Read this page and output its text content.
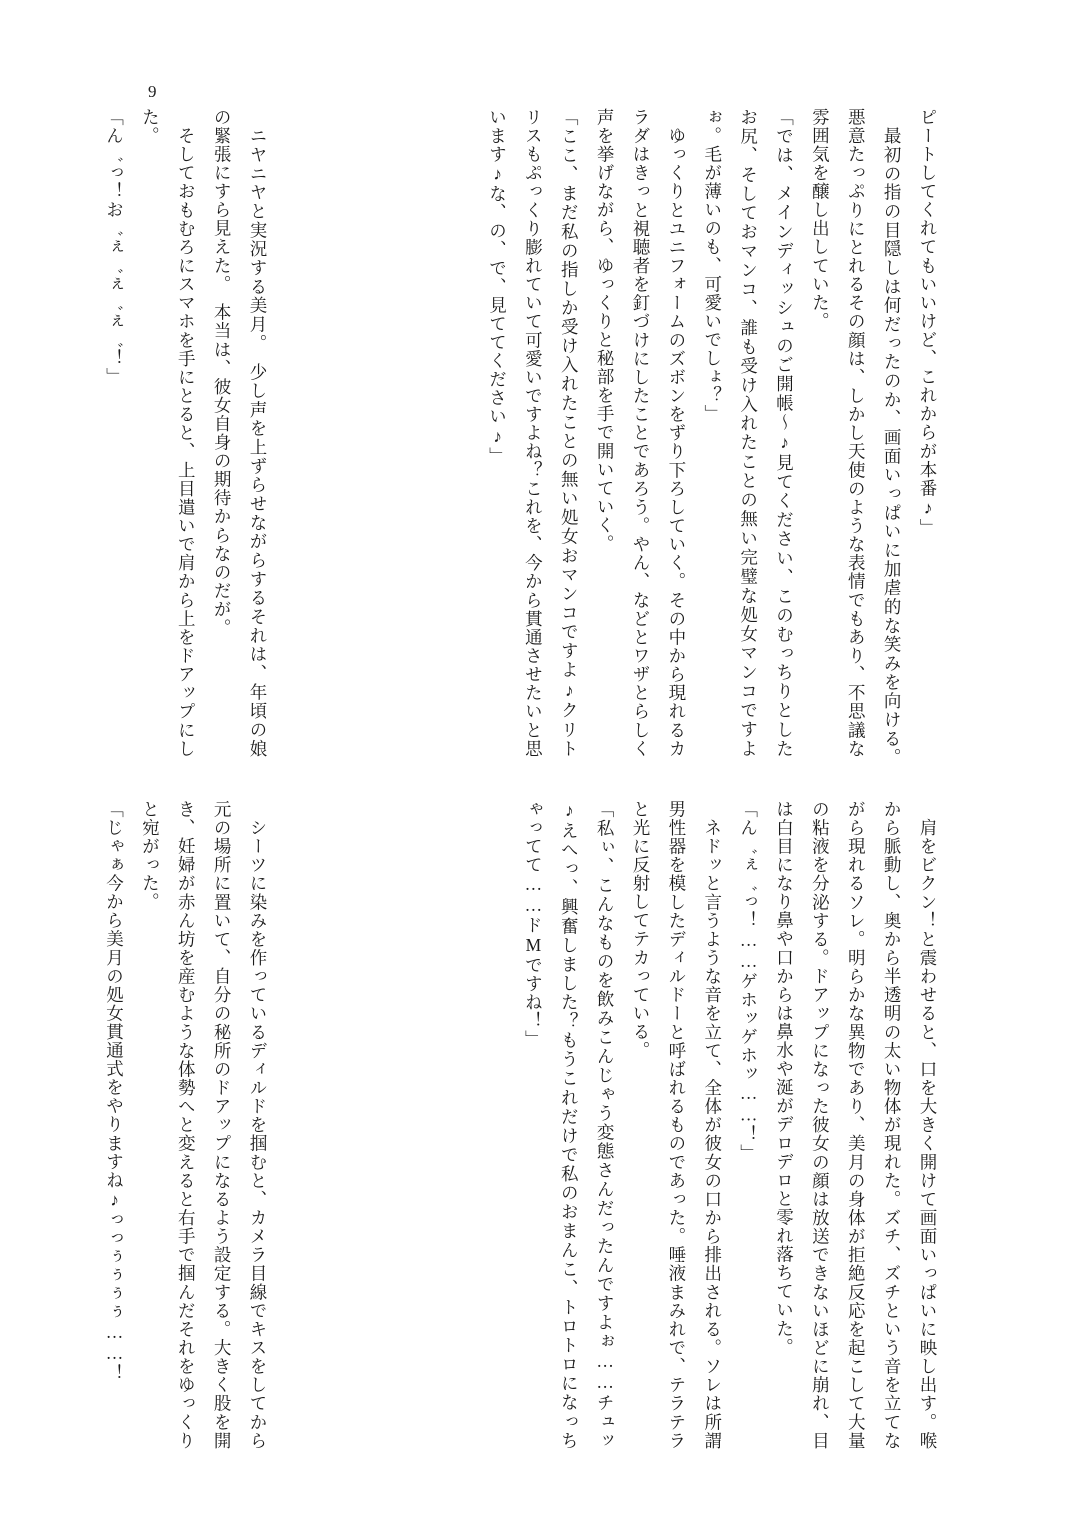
9
ピートしてくれてもいいけど、これからが本番♪」
　最初の指の目隠しは何だったのか、画面いっぱいに加虐的な笑みを向ける。　悪意たっぷりにとれるその顔は、しかし天使のような表情でもあり、不思議な雰囲気を醸し出していた。
「では、メインディッシュのご開帳〜♪見てください、このむっちりとしたお尻、そしておマンコ、誰も受け入れたことの無い完璧な処女マンコですよぉ。毛が薄いのも、可愛いでしょ？」
　ゆっくりとユニフォームのズボンをずり下ろしていく。その中から現れるカラダはきっと視聴者を釘づけにしたことであろう。やん、などとワザとらしく声を挙げながら、ゆっくりと秘部を手で開いていく。
「ここ、まだ私の指しか受け入れたことの無い処女おマンコですよ♪クリトリスもぷっくり膨れていて可愛いですよね？これを、今から貫通させたいと思います♪な、の、で、見ててください♪」
　ニヤニヤと実況する美月。　少し声を上ずらせながらするそれは、年頃の娘の緊張にすら見えた。　本当は、彼女自身の期待からなのだが。
　そしておもむろにスマホを手にとると、上目遣いで肩から上をドアップにした。
「ん゛っ！お゛ぇ゛ぇ゛ぇ゛！」
　肩をビクン！と震わせると、口を大きく開けて画面いっぱいに映し出す。喉から脈動し、奥から半透明の太い物体が現れた。ズチ、ズチという音を立てながら現れるソレ。明らかな異物であり、美月の身体が拒絶反応を起こして大量の粘液を分泌する。ドアップになった彼女の顔は放送できないほどに崩れ、目は白目になり鼻や口からは鼻水や涎がデロデロと零れ落ちていた。
「ん゛ぇ゛っ！……ゲホッゲホッ……！」
　ネドッと言うような音を立て、全体が彼女の口から排出される。ソレは所謂男性器を模したディルドーと呼ばれるものであった。唾液まみれで、テラテラと光に反射してテカっている。
「私ぃ、こんなものを飲みこんじゃう変態さんだったんですよぉ……チュッ♪えへっ、興奮しました？もうこれだけで私のおまんこ、トロトロになっちゃってて……ドМですね！」
　シーツに染みを作っているディルドを掴むと、カメラ目線でキスをしてから元の場所に置いて、自分の秘所のドアップになるよう設定する。大きく股を開き、妊婦が赤ん坊を産むような体勢へと変えると右手で掴んだそれをゆっくりと宛がった。
「じゃぁ今から美月の処女貫通式をやりますね♪っっぅぅぅぅ……！
